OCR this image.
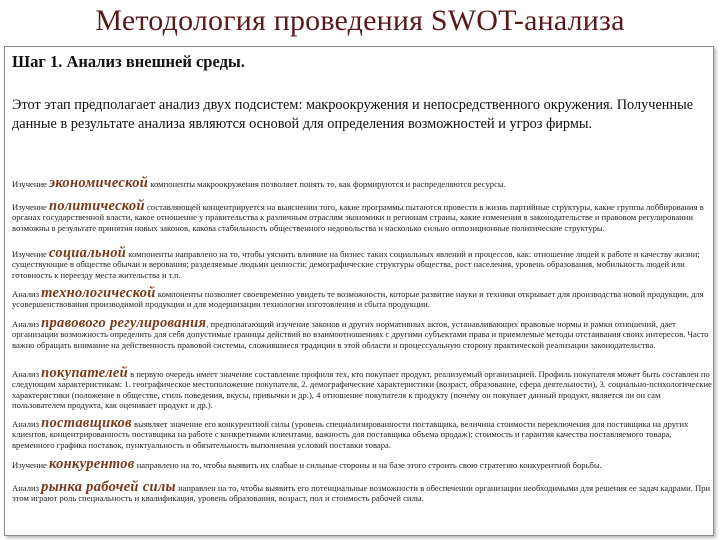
Методология проведения SWOT-анализа
Шаг 1. Анализ внешней среды.
Этот этап предполагает анализ двух подсистем: макроокружения и непосредственного окружения. Полученные данные в результате анализа являются основой для определения возможностей и угроз фирмы.
Изучение экономической компоненты макроокружения позволяет понять то, как формируются и распределяются ресурсы.
Изучение политической составляющей концентрируется на выяснении того, какие программы пытаются провести в жизнь партийные структуры, какие группы лоббирования в органах государственной власти, какое отношение у правительства к различным отраслям экономики и регионам страны, какие изменения в законодательстве и правовом регулировании возможны в результате принятия новых законов, какова стабильность общественного недовольства и насколько сильно оппозиционные политические структуры.
Изучение социальной компоненты направлено на то, чтобы уяснить влияние на бизнес таких социальных явлений и процессов, как: отношение людей к работе и качеству жизни; существующие в обществе обычаи и верования; разделяемые людьми ценности; демографические структуры общества, рост населения, уровень образования, мобильность людей или готовность к переезду места жительства и т.п.
Анализ технологической компоненты позволяет своевременно увидеть те возможности, которые развитие науки и техники открывает для производства новой продукции, для усовершенствования производимой продукции и для модернизации технологии изготовления и сбыта продукции.
Анализ правового регулирования, предполагающий изучение законов и других нормативных актов, устанавливающих правовые нормы и рамки отношений, дает организации возможность определить для себя допустимые границы действий во взаимоотношениях с другими субъектами права и приемлемые методы отстаивания своих интересов. Часто важно обращать внимание на действенность правовой системы, сложившиеся традиции в этой области и процессуальную сторону практической реализации законодательства.
Анализ покупателей в первую очередь имеет значение составление профиля тех, кто покупает продукт, реализуемый организацией. Профиль покупателя может быть составлен по следующим характеристикам: 1. географическое местоположение покупателя, 2. демографические характеристики (возраст, образование, сфера деятельности), 3. социально-психологические характеристики (положение в обществе, стиль поведения, вкусы, привычки и др.), 4 отношение покупателя к продукту (почему он покупает данный продукт, является ли он сам пользователем продукта, как оценивает продукт и др.).
Анализ поставщиков выявляет значение его конкурентной силы (уровень специализированности поставщика, величина стоимости переключения для поставщика на других клиентов, концентрированность поставщика на работе с конкретными клиентами, важность для поставщика объема продаж); стоимость и гарантия качества поставляемого товара, временного графика поставок, пунктуальность и обязательность выполнения условий поставки товара.
Изучение конкурентов направлено на то, чтобы выявить их слабые и сильные стороны и на базе этого строить свою стратегию конкурентной борьбы.
Анализ рынка рабочей силы направлен на то, чтобы выявить его потенциальные возможности в обеспечении организации необходимыми для решения ее задач кадрами. При этом играют роль специальность и квалификация, уровень образования, возраст, пол и стоимость рабочей силы.
